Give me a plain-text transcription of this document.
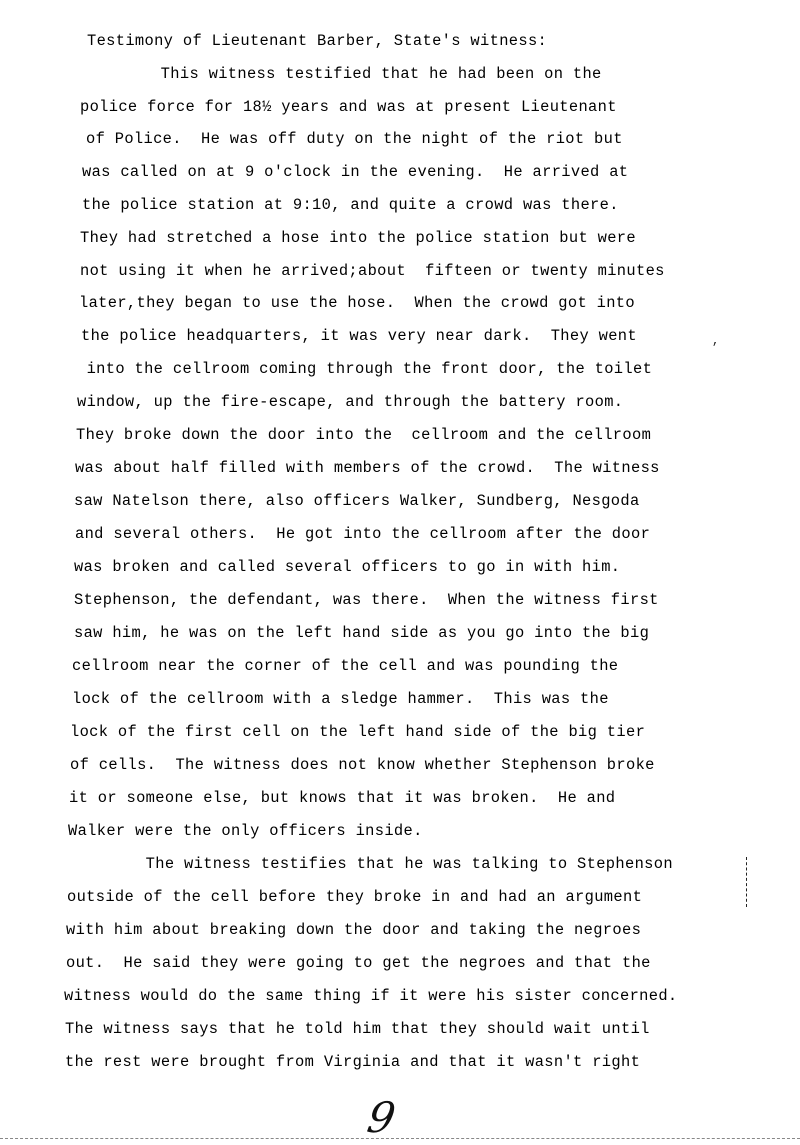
Testimony of Lieutenant Barber, State's witness:
This witness testified that he had been on the
police force for 18½ years and was at present Lieutenant
of Police.  He was off duty on the night of the riot but
was called on at 9 o'clock in the evening.  He arrived at
the police station at 9:10, and quite a crowd was there.
They had stretched a hose into the police station but were
not using it when he arrived;about  fifteen or twenty minutes
later,they began to use the hose.  When the crowd got into
the police headquarters, it was very near dark.  They went
into the cellroom coming through the front door, the toilet
window, up the fire-escape, and through the battery room.
They broke down the door into the  cellroom and the cellroom
was about half filled with members of the crowd.  The witness
saw Natelson there, also officers Walker, Sundberg, Nesgoda
and several others.  He got into the cellroom after the door
was broken and called several officers to go in with him.
Stephenson, the defendant, was there.  When the witness first
saw him, he was on the left hand side as you go into the big
cellroom near the corner of the cell and was pounding the
lock of the cellroom with a sledge hammer.  This was the
lock of the first cell on the left hand side of the big tier
of cells.  The witness does not know whether Stephenson broke
it or someone else, but knows that it was broken.  He and
Walker were the only officers inside.
The witness testifies that he was talking to Stephenson
outside of the cell before they broke in and had an argument
with him about breaking down the door and taking the negroes
out.  He said they were going to get the negroes and that the
witness would do the same thing if it were his sister concerned.
The witness says that he told him that they should wait until
the rest were brought from Virginia and that it wasn't right
,
9
